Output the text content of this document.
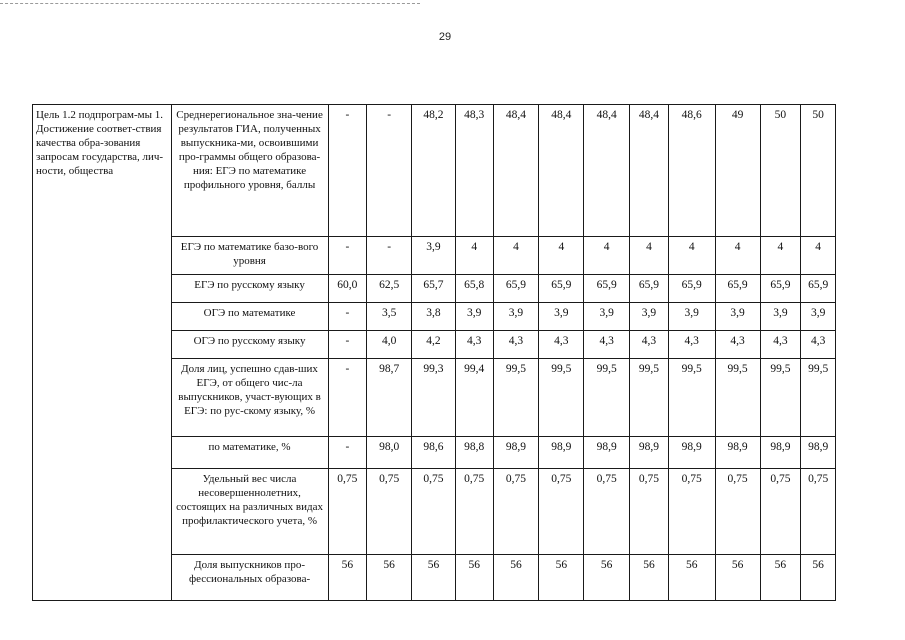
29
Цель 1.2 подпрограм-мы 1. Достижение соответ-ствия качества обра-зования запросам государства, лич-ности, общества	Среднерегиональное зна-чение результатов ГИА, полученных выпускника-ми, освоившими про-граммы общего образова-ния: ЕГЭ по математике профильного уровня, баллы	-	-	48,2	48,3	48,4	48,4	48,4	48,4	48,6	49	50	50
	ЕГЭ по математике базо-вого уровня	-	-	3,9	4	4	4	4	4	4	4	4	4
	ЕГЭ по русскому языку	60,0	62,5	65,7	65,8	65,9	65,9	65,9	65,9	65,9	65,9	65,9	65,9
	ОГЭ по математике	-	3,5	3,8	3,9	3,9	3,9	3,9	3,9	3,9	3,9	3,9	3,9
	ОГЭ по русскому языку	-	4,0	4,2	4,3	4,3	4,3	4,3	4,3	4,3	4,3	4,3	4,3
	Доля лиц, успешно сдав-ших ЕГЭ, от общего чис-ла выпускников, участ-вующих в ЕГЭ: по рус-скому языку, %	-	98,7	99,3	99,4	99,5	99,5	99,5	99,5	99,5	99,5	99,5	99,5
	по математике, %	-	98,0	98,6	98,8	98,9	98,9	98,9	98,9	98,9	98,9	98,9	98,9
	Удельный вес числа несовершеннолетних, состоящих на различных видах профилактического учета, %	0,75	0,75	0,75	0,75	0,75	0,75	0,75	0,75	0,75	0,75	0,75	0,75
	Доля выпускников про-фессиональных образова-	56	56	56	56	56	56	56	56	56	56	56	56
